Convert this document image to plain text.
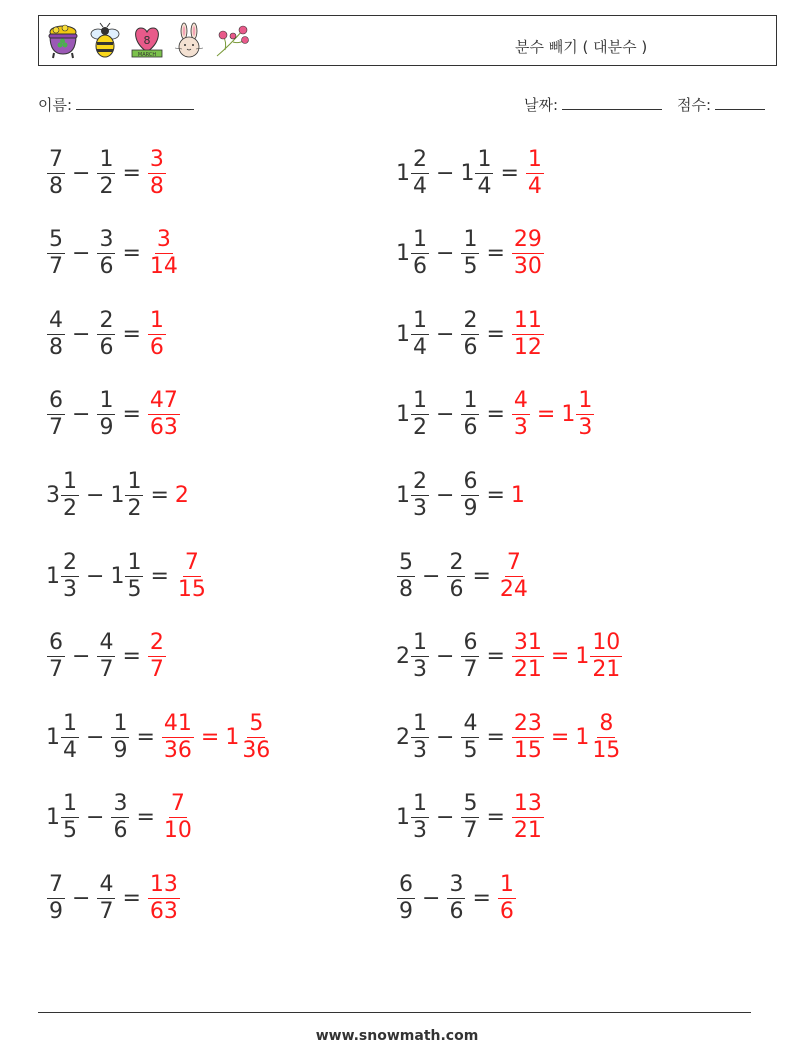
8
MARCH	분수 빼기 ( 대분수 )
이름:	날짜:	점수:
$\frac{7}{8} - \frac{1}{2} = \frac{3}{8}$	$1 \frac{2}{4} - 1 \frac{1}{4} = \frac{1}{4}$
$\frac{5}{7} - \frac{3}{6} = \frac{3}{14}$	$1 \frac{1}{6} - \frac{1}{5} = \frac{29}{30}$
$\frac{4}{8} - \frac{2}{6} = \frac{1}{6}$	$1 \frac{1}{4} - \frac{2}{6} = \frac{11}{12}$
$\frac{6}{7} - \frac{1}{9} = \frac{47}{63}$	$1 \frac{1}{2} - \frac{1}{6} = \frac{4}{3} = 1 \frac{1}{3}$
$3 \frac{1}{2} - 1 \frac{1}{2} = 2$	$1 \frac{2}{3} - \frac{6}{9} = 1$
$1 \frac{2}{3} - 1 \frac{1}{5} = \frac{7}{15}$	$\frac{5}{8} - \frac{2}{6} = \frac{7}{24}$
$\frac{6}{7} - \frac{4}{7} = \frac{2}{7}$	$2 \frac{1}{3} - \frac{6}{7} = \frac{31}{21} = 1 \frac{10}{21}$
$1 \frac{1}{4} - \frac{1}{9} = \frac{41}{36} = 1 \frac{5}{36}$	$2 \frac{1}{3} - \frac{4}{5} = \frac{23}{15} = 1 \frac{8}{15}$
$1 \frac{1}{5} - \frac{3}{6} = \frac{7}{10}$	$1 \frac{1}{3} - \frac{5}{7} = \frac{13}{21}$
$\frac{7}{9} - \frac{4}{7} = \frac{13}{63}$	$\frac{6}{9} - \frac{3}{6} = \frac{1}{6}$
www.snowmath.com
